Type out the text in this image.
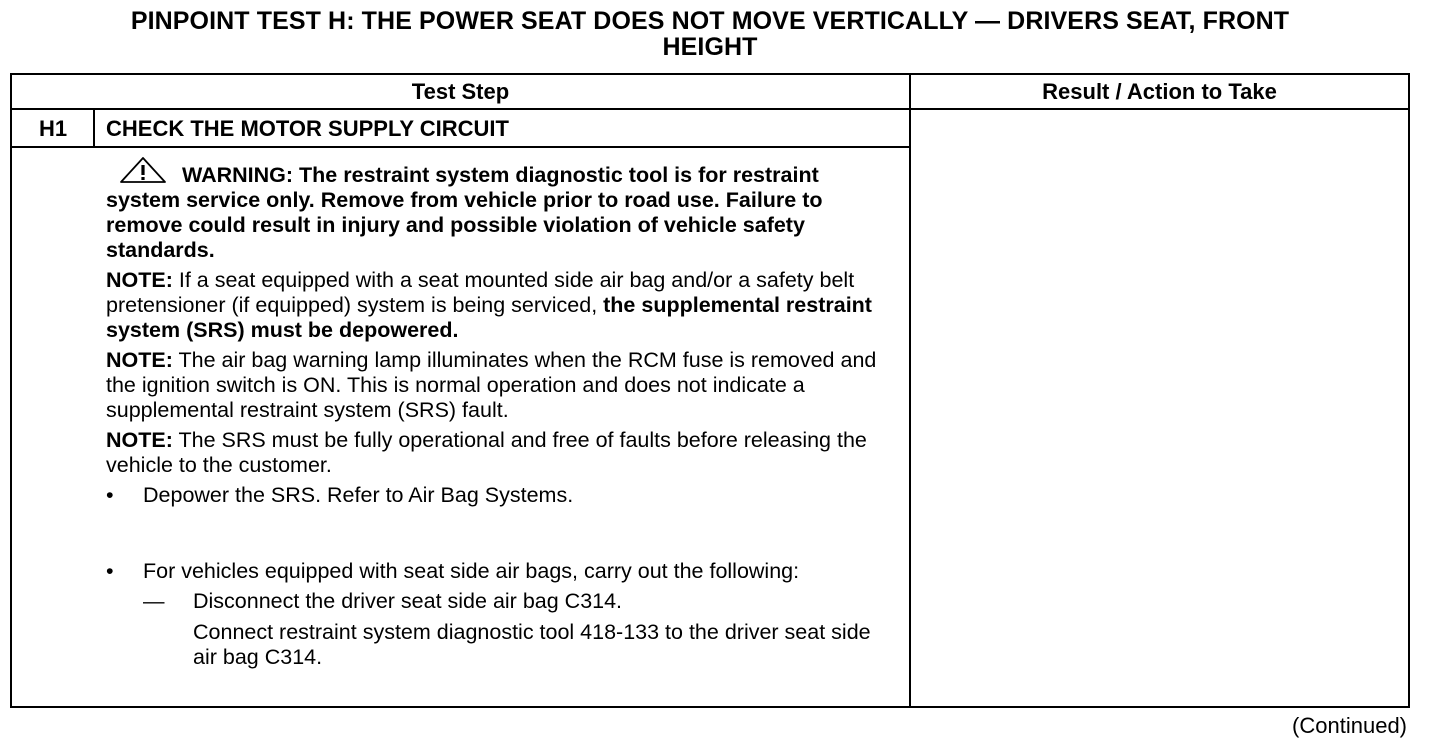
PINPOINT TEST H: THE POWER SEAT DOES NOT MOVE VERTICALLY — DRIVERS SEAT, FRONT
HEIGHT
Test Step	Result / Action to Take
H1	CHECK THE MOTOR SUPPLY CIRCUIT
WARNING: The restraint system diagnostic tool is for restraint system service only. Remove from vehicle prior to road use. Failure to remove could result in injury and possible violation of vehicle safety standards.
NOTE: If a seat equipped with a seat mounted side air bag and/or a safety belt pretensioner (if equipped) system is being serviced, the supplemental restraint system (SRS) must be depowered.
NOTE: The air bag warning lamp illuminates when the RCM fuse is removed and the ignition switch is ON. This is normal operation and does not indicate a supplemental restraint system (SRS) fault.
NOTE: The SRS must be fully operational and free of faults before releasing the vehicle to the customer.
•	Depower the SRS. Refer to Air Bag Systems.
•	For vehicles equipped with seat side air bags, carry out the following:
— Disconnect the driver seat side air bag C314.
Connect restraint system diagnostic tool 418-133 to the driver seat side air bag C314.
(Continued)
